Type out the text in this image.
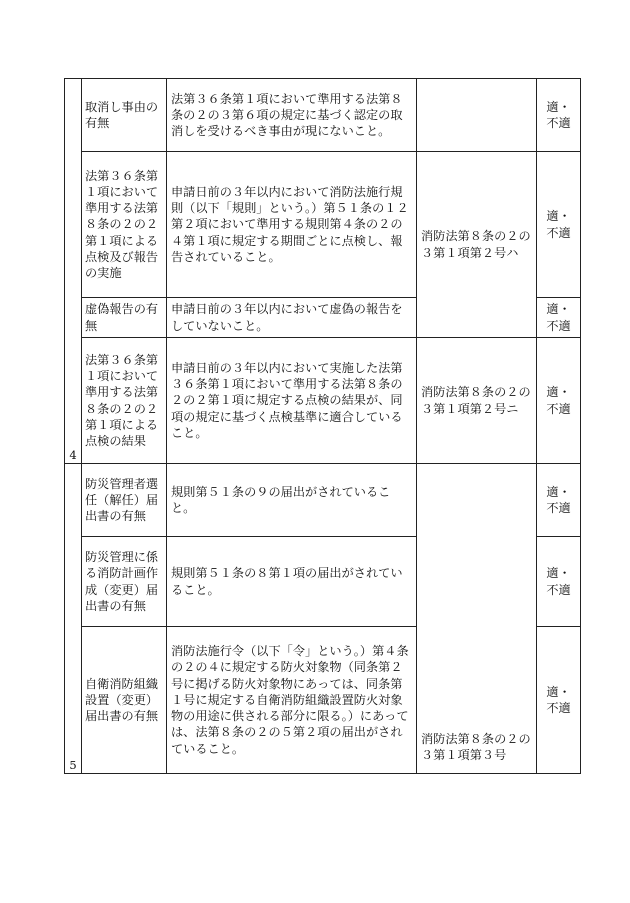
4	取消し事由の有無	法第３６条第１項において準用する法第８条の２の３第６項の規定に基づく認定の取消しを受けるべき事由が現にないこと。		適・
不適

	法第３６条第１項において準用する法第８条の２の２第１項による点検及び報告の実施	申請日前の３年以内において消防法施行規則（以下「規則」という。）第５１条の１２第２項において準用する規則第４条の２の４第１項に規定する期間ごとに点検し、報告されていること。	消防法第８条の２の３第１項第２号ハ	適・
不適

	虚偽報告の有無	申請日前の３年以内において虚偽の報告をしていないこと。		適・
不適

	法第３６条第１項において準用する法第８条の２の２第１項による点検の結果	申請日前の３年以内において実施した法第３６条第１項において準用する法第８条の２の２第１項に規定する点検の結果が、同項の規定に基づく点検基準に適合していること。	消防法第８条の２の３第１項第２号ニ	適・
不適

5	防災管理者選任（解任）届出書の有無	規則第５１条の９の届出がされていること。	消防法第８条の２の３第１項第３号	適・
不適

	防災管理に係る消防計画作成（変更）届出書の有無	規則第５１条の８第１項の届出がされていること。		適・
不適

	自衛消防組織設置（変更）届出書の有無	消防法施行令（以下「令」という。）第４条の２の４に規定する防火対象物（同条第２号に掲げる防火対象物にあっては、同条第１号に規定する自衛消防組織設置防火対象物の用途に供される部分に限る。）にあっては、法第８条の２の５第２項の届出がされていること。		適・
不適
